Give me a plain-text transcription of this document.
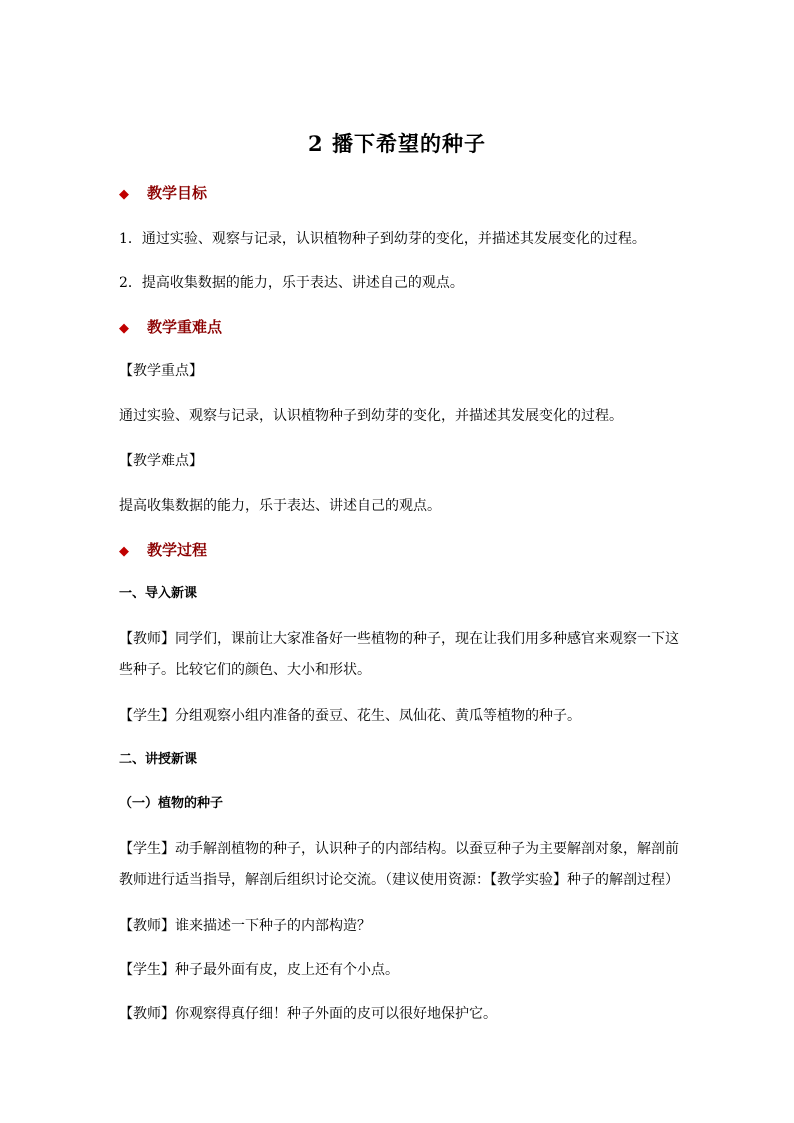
2 播下希望的种子
◆ 教学目标
1．通过实验、观察与记录，认识植物种子到幼芽的变化，并描述其发展变化的过程。
2．提高收集数据的能力，乐于表达、讲述自己的观点。
◆ 教学重难点
【教学重点】
通过实验、观察与记录，认识植物种子到幼芽的变化，并描述其发展变化的过程。
【教学难点】
提高收集数据的能力，乐于表达、讲述自己的观点。
◆ 教学过程
一、导入新课
【教师】同学们，课前让大家准备好一些植物的种子，现在让我们用多种感官来观察一下这些种子。比较它们的颜色、大小和形状。
【学生】分组观察小组内准备的蚕豆、花生、凤仙花、黄瓜等植物的种子。
二、讲授新课
（一）植物的种子
【学生】动手解剖植物的种子，认识种子的内部结构。以蚕豆种子为主要解剖对象，解剖前教师进行适当指导，解剖后组织讨论交流。（建议使用资源：【教学实验】种子的解剖过程）
【教师】谁来描述一下种子的内部构造？
【学生】种子最外面有皮，皮上还有个小点。
【教师】你观察得真仔细！种子外面的皮可以很好地保护它。
